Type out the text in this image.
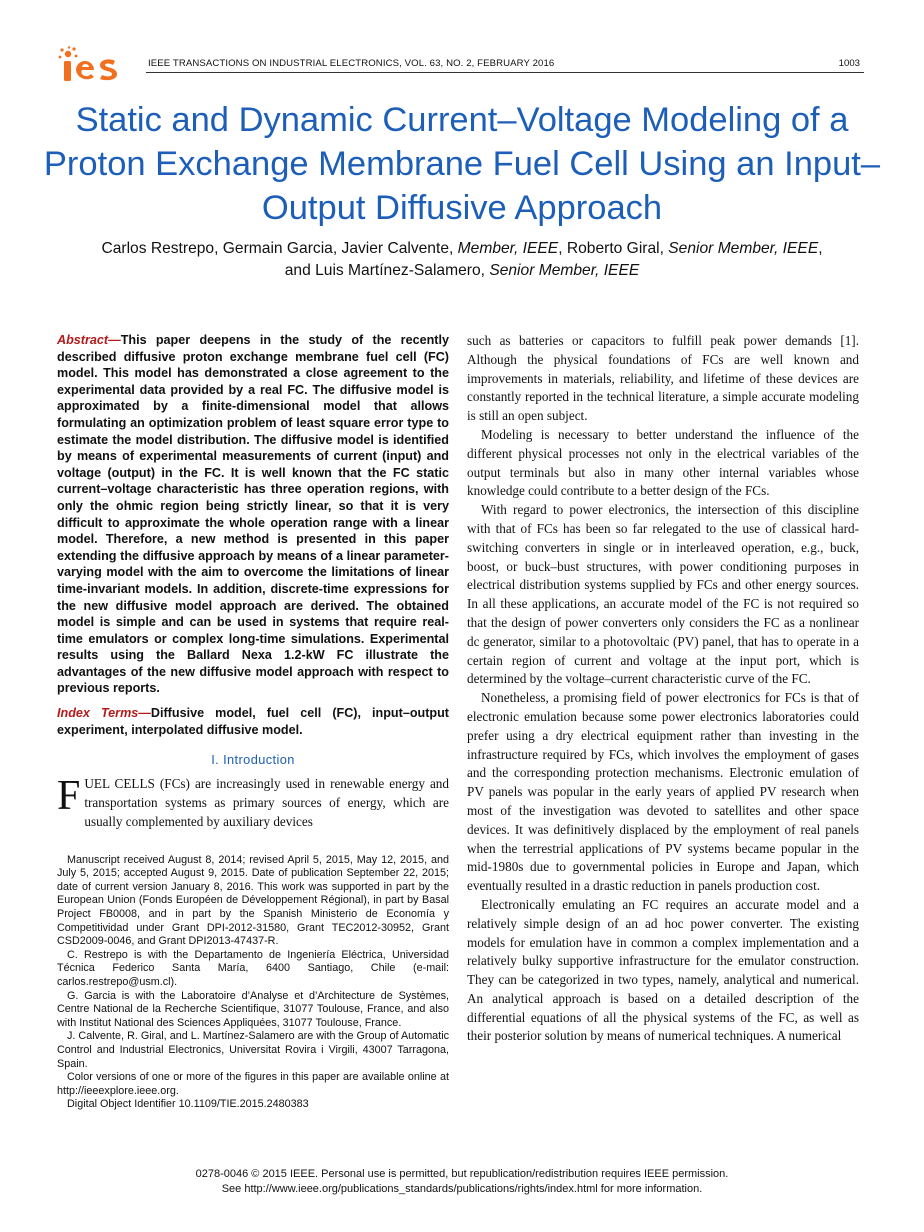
IEEE TRANSACTIONS ON INDUSTRIAL ELECTRONICS, VOL. 63, NO. 2, FEBRUARY 2016	1003
Static and Dynamic Current–Voltage Modeling of a Proton Exchange Membrane Fuel Cell Using an Input–Output Diffusive Approach
Carlos Restrepo, Germain Garcia, Javier Calvente, Member, IEEE, Roberto Giral, Senior Member, IEEE,
and Luis Martínez-Salamero, Senior Member, IEEE

Abstract—This paper deepens in the study of the recently described diffusive proton exchange membrane fuel cell (FC) model. This model has demonstrated a close agreement to the experimental data provided by a real FC. The diffusive model is approximated by a finite-dimensional model that allows formulating an optimization problem of least square error type to estimate the model distribution. The diffusive model is identified by means of experimental measurements of current (input) and voltage (output) in the FC. It is well known that the FC static current–voltage characteristic has three operation regions, with only the ohmic region being strictly linear, so that it is very difficult to approximate the whole operation range with a linear model. Therefore, a new method is presented in this paper extending the diffusive approach by means of a linear parameter-varying model with the aim to overcome the limitations of linear time-invariant models. In addition, discrete-time expressions for the new diffusive model approach are derived. The obtained model is simple and can be used in systems that require real-time emulators or complex long-time simulations. Experimental results using the Ballard Nexa 1.2-kW FC illustrate the advantages of the new diffusive model approach with respect to previous reports.

Index Terms—Diffusive model, fuel cell (FC), input–output experiment, interpolated diffusive model.

I. Introduction

FUEL CELLS (FCs) are increasingly used in renewable energy and transportation systems as primary sources of energy, which are usually complemented by auxiliary devices

Manuscript received August 8, 2014; revised April 5, 2015, May 12, 2015, and July 5, 2015; accepted August 9, 2015. Date of publication September 22, 2015; date of current version January 8, 2016. This work was supported in part by the European Union (Fonds Européen de Développement Régional), in part by Basal Project FB0008, and in part by the Spanish Ministerio de Economía y Competitividad under Grant DPI-2012-31580, Grant TEC2012-30952, Grant CSD2009-0046, and Grant DPI2013-47437-R.

C. Restrepo is with the Departamento de Ingeniería Eléctrica, Universidad Técnica Federico Santa María, 6400 Santiago, Chile (e-mail: carlos.restrepo@usm.cl).

G. Garcia is with the Laboratoire d’Analyse et d’Architecture de Systèmes, Centre National de la Recherche Scientifique, 31077 Toulouse, France, and also with Institut National des Sciences Appliquées, 31077 Toulouse, France.

J. Calvente, R. Giral, and L. Martínez-Salamero are with the Group of Automatic Control and Industrial Electronics, Universitat Rovira i Virgili, 43007 Tarragona, Spain.

Color versions of one or more of the figures in this paper are available online at http://ieeexplore.ieee.org.

Digital Object Identifier 10.1109/TIE.2015.2480383

such as batteries or capacitors to fulfill peak power demands [1]. Although the physical foundations of FCs are well known and improvements in materials, reliability, and lifetime of these devices are constantly reported in the technical literature, a simple accurate modeling is still an open subject.

Modeling is necessary to better understand the influence of the different physical processes not only in the electrical variables of the output terminals but also in many other internal variables whose knowledge could contribute to a better design of the FCs.

With regard to power electronics, the intersection of this discipline with that of FCs has been so far relegated to the use of classical hard-switching converters in single or in interleaved operation, e.g., buck, boost, or buck–bust structures, with power conditioning purposes in electrical distribution systems supplied by FCs and other energy sources. In all these applications, an accurate model of the FC is not required so that the design of power converters only considers the FC as a nonlinear dc generator, similar to a photovoltaic (PV) panel, that has to operate in a certain region of current and voltage at the input port, which is determined by the voltage–current characteristic curve of the FC.

Nonetheless, a promising field of power electronics for FCs is that of electronic emulation because some power electronics laboratories could prefer using a dry electrical equipment rather than investing in the infrastructure required by FCs, which involves the employment of gases and the corresponding protection mechanisms. Electronic emulation of PV panels was popular in the early years of applied PV research when most of the investigation was devoted to satellites and other space devices. It was definitively displaced by the employment of real panels when the terrestrial applications of PV systems became popular in the mid-1980s due to governmental policies in Europe and Japan, which eventually resulted in a drastic reduction in panels production cost.

Electronically emulating an FC requires an accurate model and a relatively simple design of an ad hoc power converter. The existing models for emulation have in common a complex implementation and a relatively bulky supportive infrastructure for the emulator construction. They can be categorized in two types, namely, analytical and numerical. An analytical approach is based on a detailed description of the differential equations of all the physical systems of the FC, as well as their posterior solution by means of numerical techniques. A numerical

0278-0046 © 2015 IEEE. Personal use is permitted, but republication/redistribution requires IEEE permission.
See http://www.ieee.org/publications_standards/publications/rights/index.html for more information.
